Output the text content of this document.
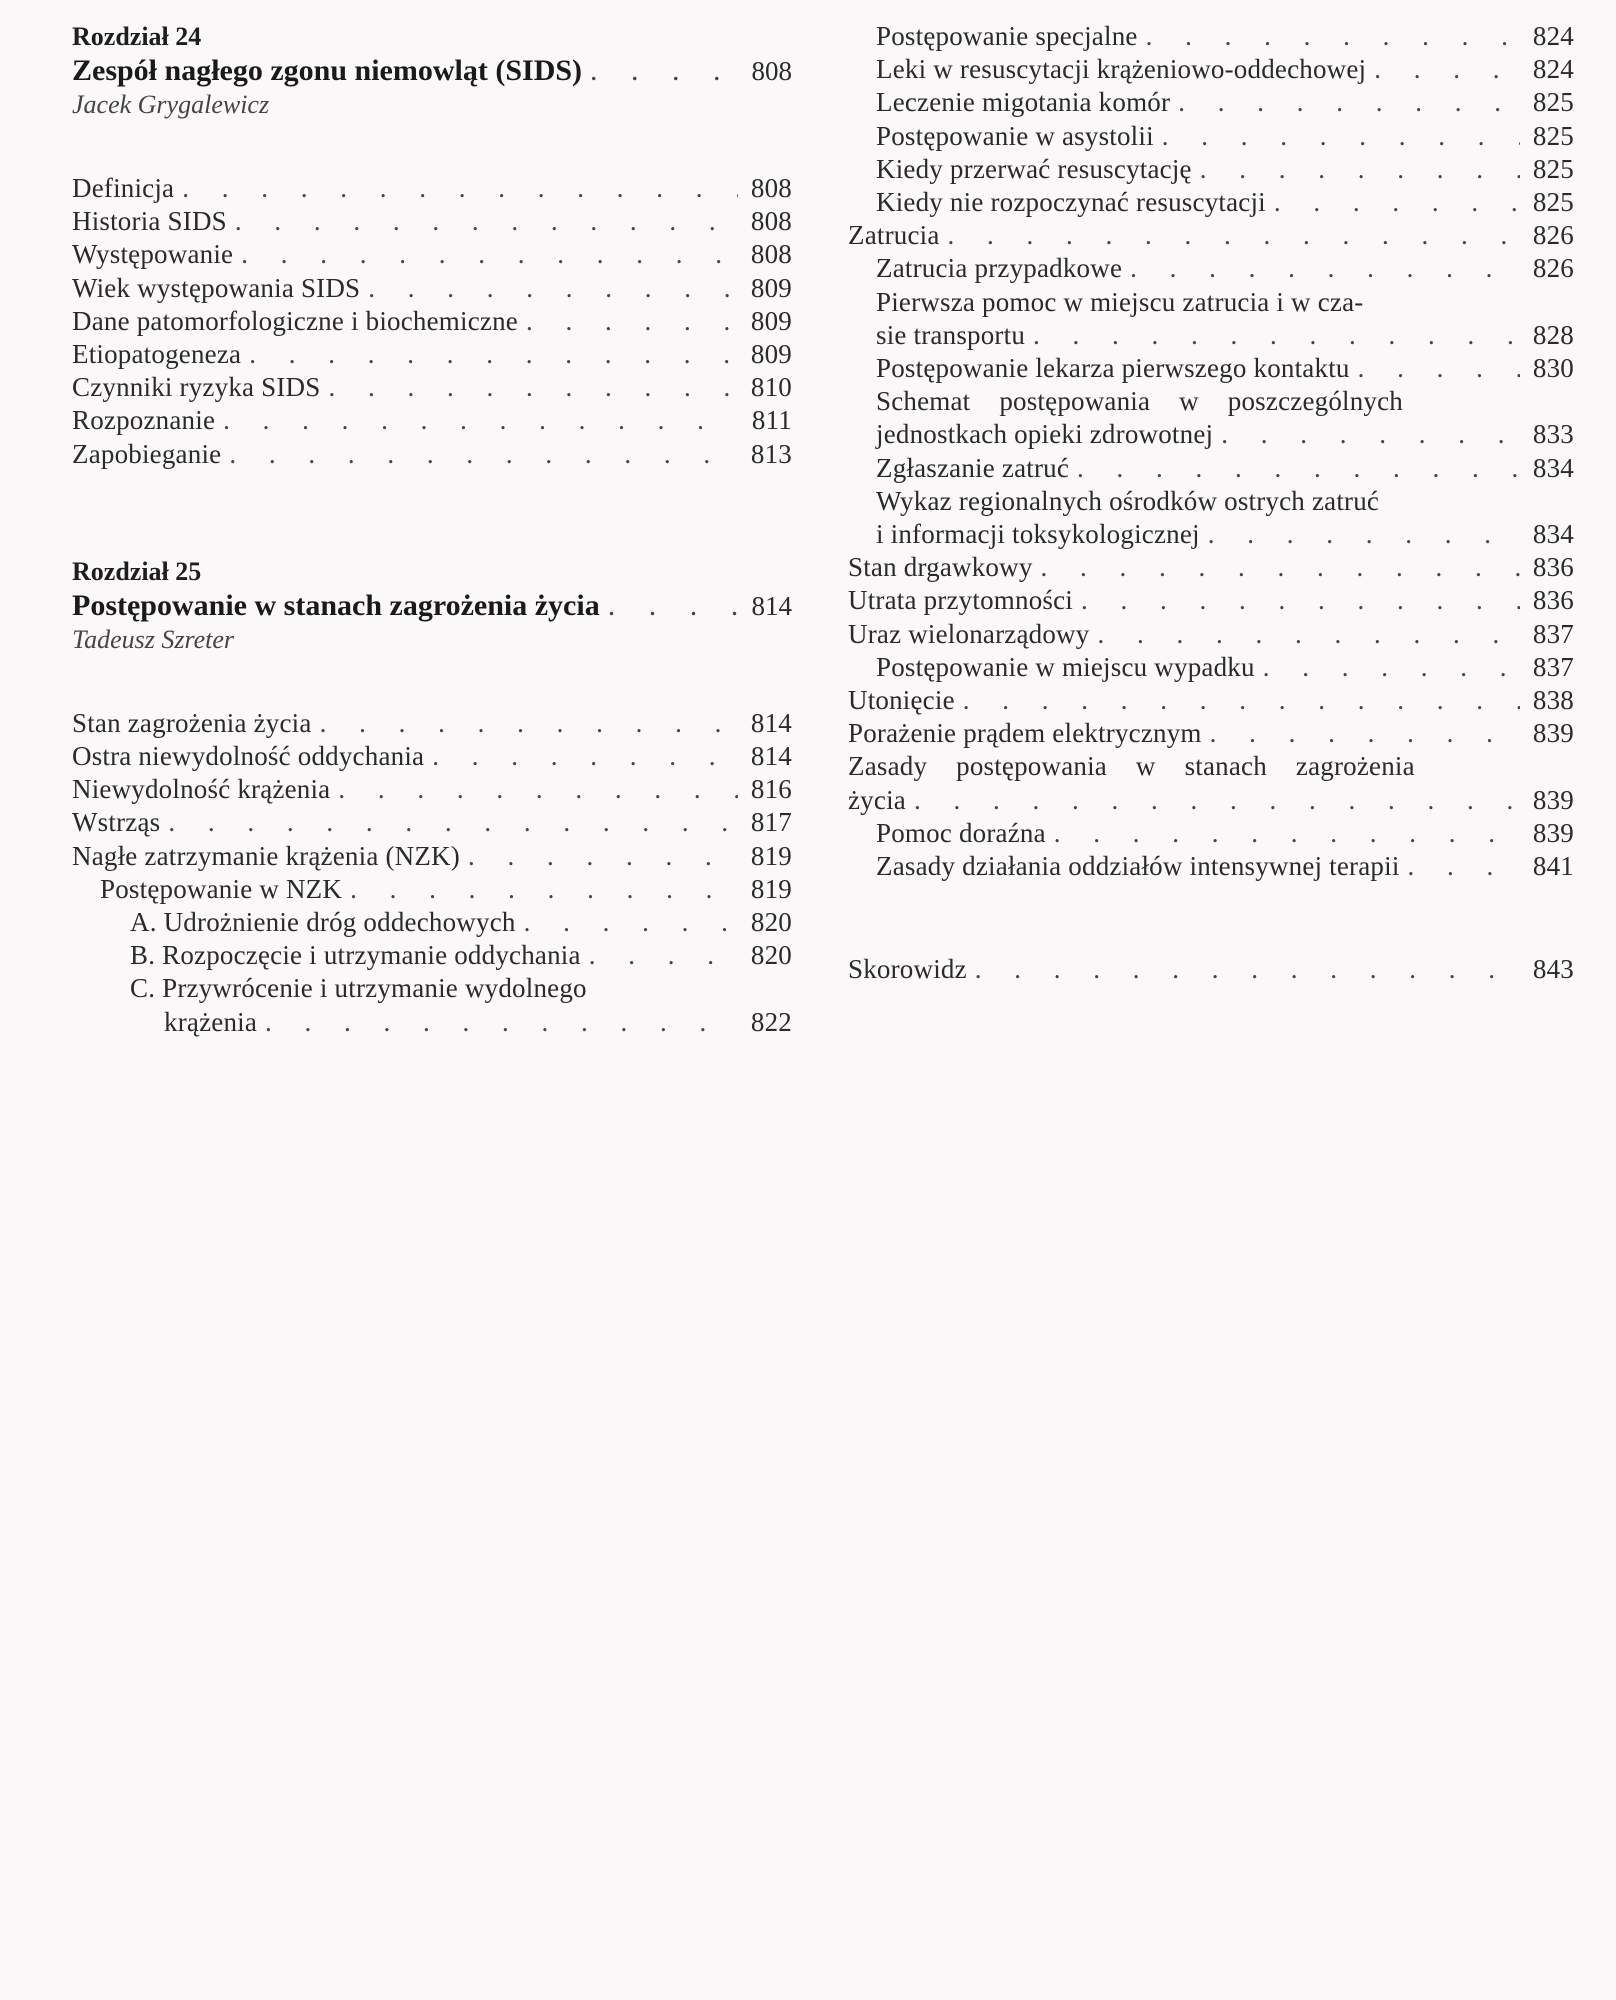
Rozdział 24
Zespół nagłego zgonu niemowląt (SIDS) . . .	808
Jacek Grygalewicz
Definicja . . .	808
Historia SIDS . . .	808
Występowanie . . .	808
Wiek występowania SIDS . . .	809
Dane patomorfologiczne i biochemiczne . . .	809
Etiopatogeneza . . .	809
Czynniki ryzyka SIDS . . .	810
Rozpoznanie . . .	811
Zapobieganie . . .	813
Rozdział 25
Postępowanie w stanach zagrożenia życia . . .	814
Tadeusz Szreter
Stan zagrożenia życia . . .	814
Ostra niewydolność oddychania . . .	814
Niewydolność krążenia . . .	816
Wstrząs . . .	817
Nagłe zatrzymanie krążenia (NZK) . . .	819
Postępowanie w NZK . . .	819
A. Udrożnienie dróg oddechowych . . .	820
B. Rozpoczęcie i utrzymanie oddychania . . .	820
C. Przywrócenie i utrzymanie wydolnego
krążenia . . .	822
Postępowanie specjalne . . .	824
Leki w resuscytacji krążeniowo-oddechowej . . .	824
Leczenie migotania komór . . .	825
Postępowanie w asystolii . . .	825
Kiedy przerwać resuscytację . . .	825
Kiedy nie rozpoczynać resuscytacji . . .	825
Zatrucia . . .	826
Zatrucia przypadkowe . . .	826
Pierwsza pomoc w miejscu zatrucia i w cza-
sie transportu . . .	828
Postępowanie lekarza pierwszego kontaktu . . .	830
Schemat postępowania w poszczególnych
jednostkach opieki zdrowotnej . . .	833
Zgłaszanie zatruć . . .	834
Wykaz regionalnych ośrodków ostrych zatruć
i informacji toksykologicznej . . .	834
Stan drgawkowy . . .	836
Utrata przytomności . . .	836
Uraz wielonarządowy . . .	837
Postępowanie w miejscu wypadku . . .	837
Utonięcie . . .	838
Porażenie prądem elektrycznym . . .	839
Zasady postępowania w stanach zagrożenia
życia . . .	839
Pomoc doraźna . . .	839
Zasady działania oddziałów intensywnej terapii . . .	841
Skorowidz . . .	843
